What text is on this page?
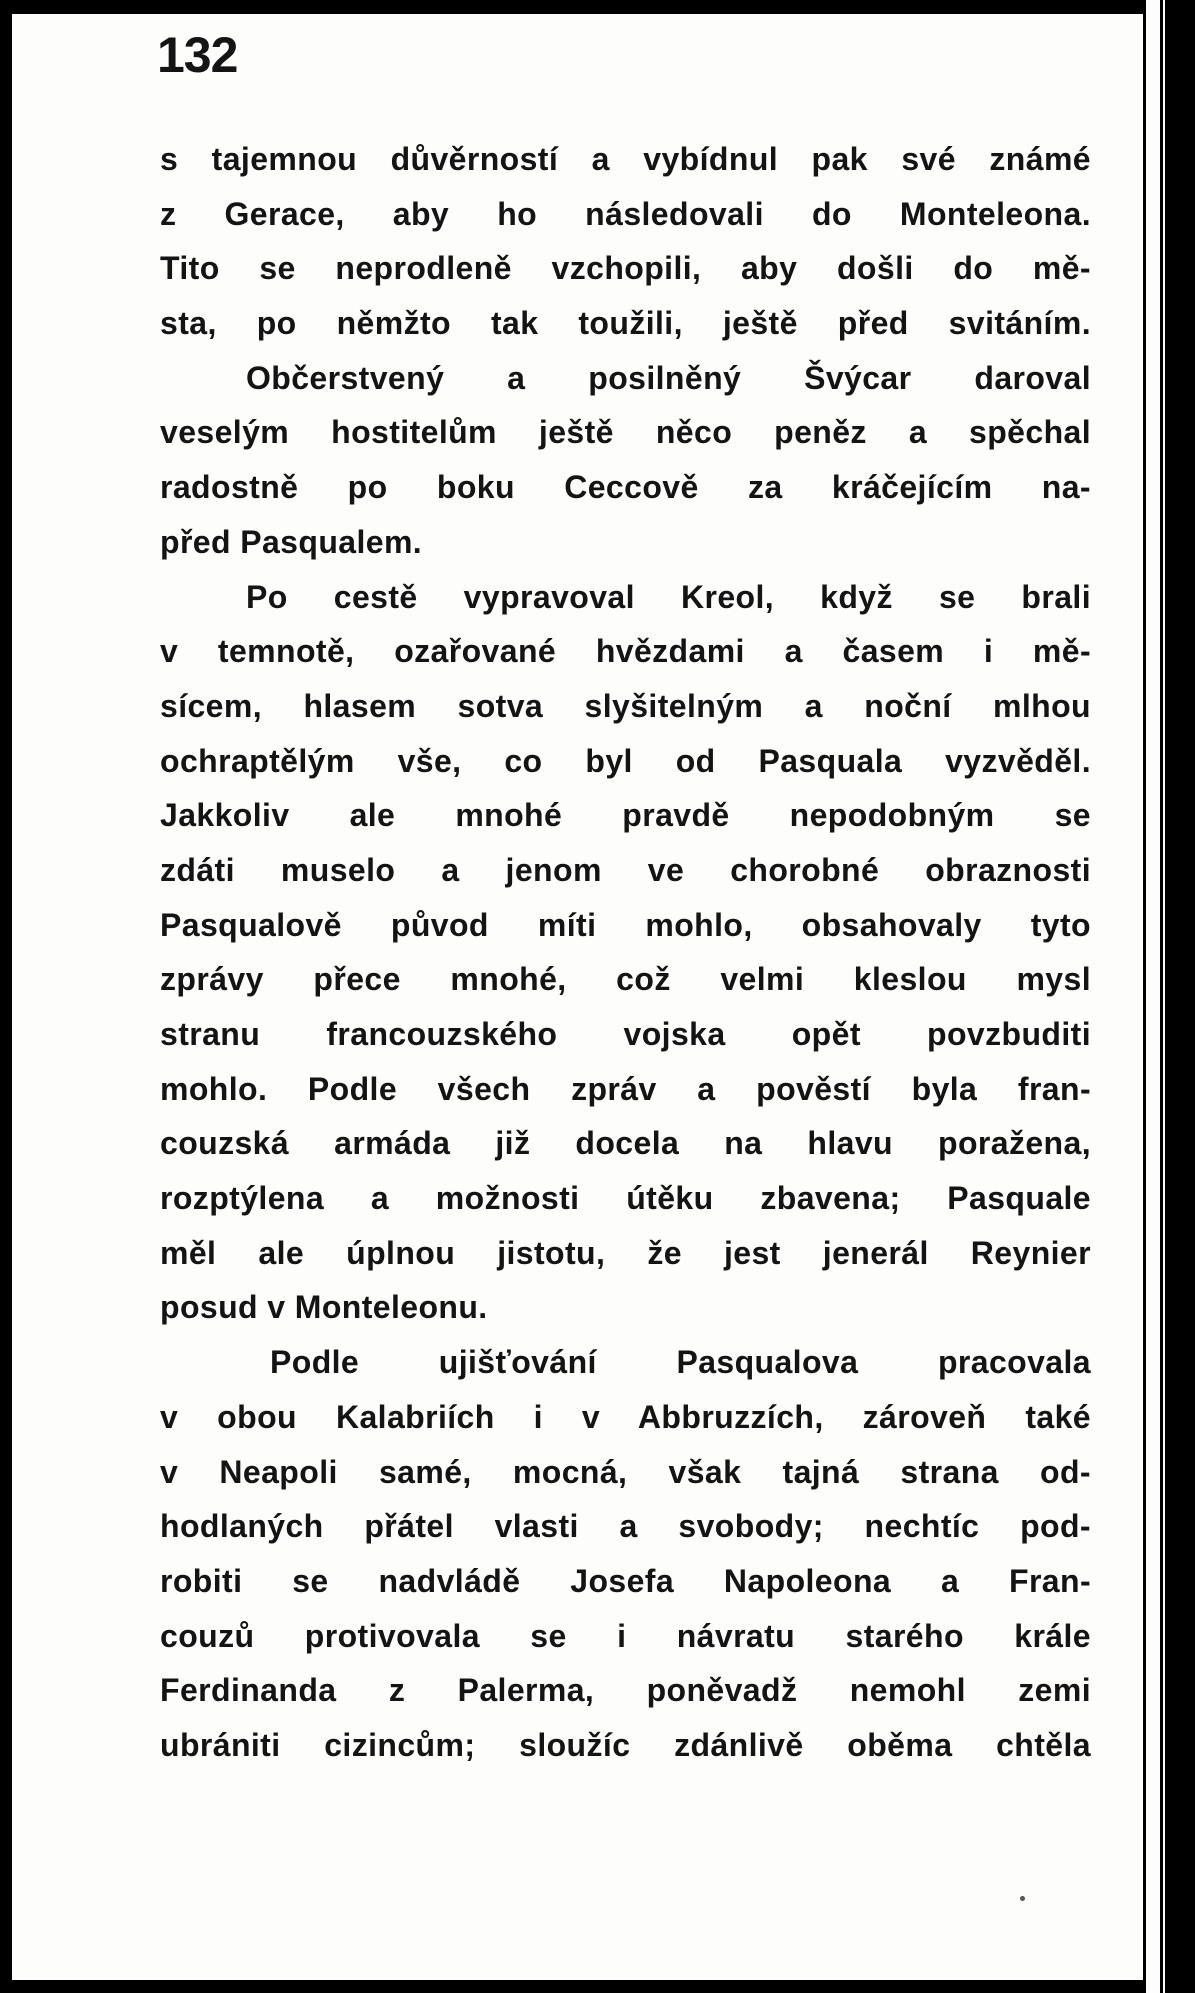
132
s tajemnou důvěrností a vybídnul pak své známé
z Gerace, aby ho následovali do Monteleona.
Tito se neprodleně vzchopili, aby došli do mě-
sta, po němžto tak toužili, ještě před svitáním.
Občerstvený a posilněný Švýcar daroval
veselým hostitelům ještě něco peněz a spěchal
radostně po boku Ceccově za kráčejícím na-
před Pasqualem.
Po cestě vypravoval Kreol, když se brali
v temnotě, ozařované hvězdami a časem i mě-
sícem, hlasem sotva slyšitelným a noční mlhou
ochraptělým vše, co byl od Pasquala vyzvěděl.
Jakkoliv ale mnohé pravdě nepodobným se
zdáti muselo a jenom ve chorobné obraznosti
Pasqualově původ míti mohlo, obsahovaly tyto
zprávy přece mnohé, což velmi kleslou mysl
stranu francouzského vojska opět povzbuditi
mohlo. Podle všech zpráv a pověstí byla fran-
couzská armáda již docela na hlavu poražena,
rozptýlena a možnosti útěku zbavena; Pasquale
měl ale úplnou jistotu, že jest jenerál Reynier
posud v Monteleonu.
Podle ujišťování Pasqualova pracovala
v obou Kalabriích i v Abbruzzích, zároveň také
v Neapoli samé, mocná, však tajná strana od-
hodlaných přátel vlasti a svobody; nechtíc pod-
robiti se nadvládě Josefa Napoleona a Fran-
couzů protivovala se i návratu starého krále
Ferdinanda z Palerma, poněvadž nemohl zemi
ubrániti cizincům; sloužíc zdánlivě oběma chtěla
